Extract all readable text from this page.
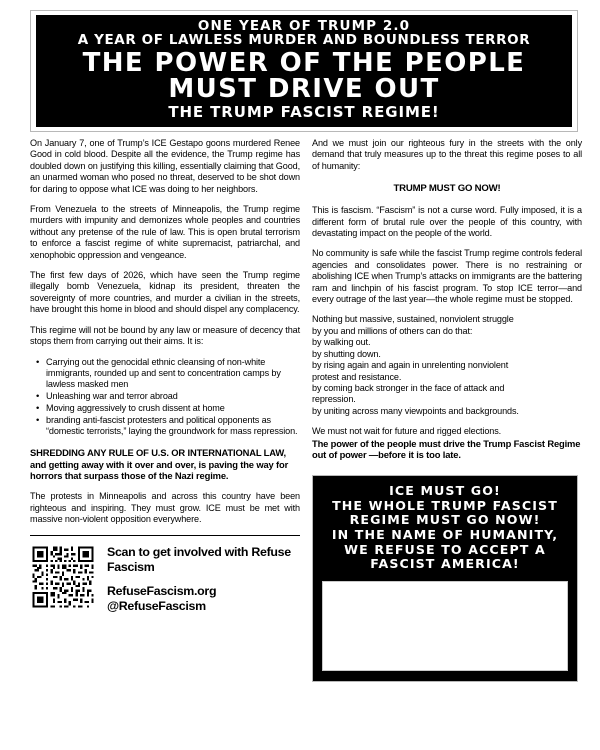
ONE YEAR OF TRUMP 2.0
A YEAR OF LAWLESS MURDER AND BOUNDLESS TERROR
THE POWER OF THE PEOPLE
MUST DRIVE OUT
THE TRUMP FASCIST REGIME!

On January 7, one of Trump’s ICE Gestapo goons murdered Renee Good in cold blood. Despite all the evidence, the Trump regime has doubled down on justifying this killing, essentially claiming that Good, an unarmed woman who posed no threat, deserved to be shot down for daring to oppose what ICE was doing to her neighbors.

From Venezuela to the streets of Minneapolis, the Trump regime murders with impunity and demonizes whole peoples and countries without any pretense of the rule of law. This is open brutal terrorism to enforce a fascist regime of white supremacist, patriarchal, and xenophobic oppression and vengeance.

The first few days of 2026, which have seen the Trump regime illegally bomb Venezuela, kidnap its president, threaten the sovereignty of more countries, and murder a civilian in the streets, have brought this home in blood and should dispel any complacency.

This regime will not be bound by any law or measure of decency that stops them from carrying out their aims. It is:

• Carrying out the genocidal ethnic cleansing of non-white immigrants, rounded up and sent to concentration camps by lawless masked men
• Unleashing war and terror abroad
• Moving aggressively to crush dissent at home
• branding anti-fascist protesters and political opponents as “domestic terrorists,” laying the groundwork for mass repression.

SHREDDING ANY RULE OF U.S. OR INTERNATIONAL LAW, and getting away with it over and over, is paving the way for horrors that surpass those of the Nazi regime.

The protests in Minneapolis and across this country have been righteous and inspiring. They must grow. ICE must be met with massive non-violent opposition everywhere.

Scan to get involved with Refuse Fascism
RefuseFascism.org
@RefuseFascism

And we must join our righteous fury in the streets with the only demand that truly measures up to the threat this regime poses to all of humanity:

TRUMP MUST GO NOW!

This is fascism. “Fascism” is not a curse word. Fully imposed, it is a different form of brutal rule over the people of this country, with devastating impact on the people of the world.

No community is safe while the fascist Trump regime controls federal agencies and consolidates power. There is no restraining or abolishing ICE when Trump’s attacks on immigrants are the battering ram and linchpin of his fascist program. To stop ICE terror—and every outrage of the last year—the whole regime must be stopped.

Nothing but massive, sustained, nonviolent struggle
by you and millions of others can do that:
by walking out.
by shutting down.
by rising again and again in unrelenting nonviolent
protest and resistance.
by coming back stronger in the face of attack and
repression.
by uniting across many viewpoints and backgrounds.

We must not wait for future and rigged elections.

The power of the people must drive the Trump Fascist Regime out of power —before it is too late.

ICE MUST GO!
THE WHOLE TRUMP FASCIST
REGIME MUST GO NOW!
IN THE NAME OF HUMANITY,
WE REFUSE TO ACCEPT A
FASCIST AMERICA!
